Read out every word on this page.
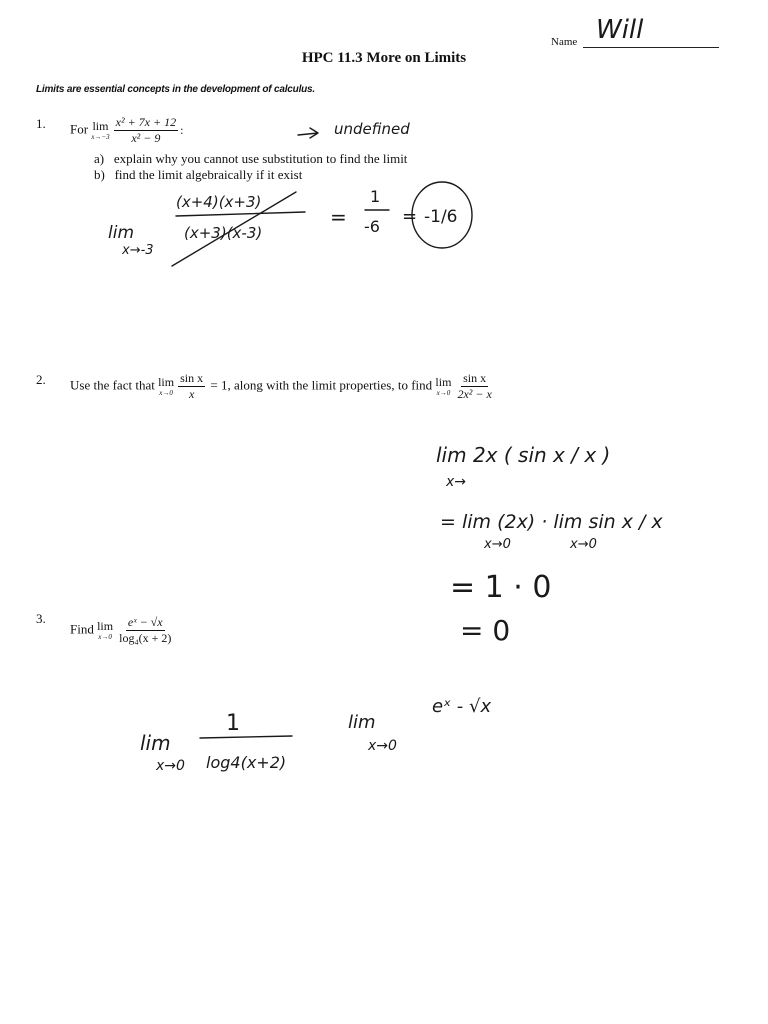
Name
HPC 11.3 More on Limits
Limits are essential concepts in the development of calculus.
1. For lim
$x\to-3 \frac{\text{x² + 7x + 12}}{\text{x² − 9}}$ :
a) explain why you cannot use substitution to find the limit
b) find the limit algebraically if it exist
2. Use the fact that lim
$x\to 0 \frac{\text{sin x}}{x} = 1$, along with the limit properties, to find lim
$x\to 0 \frac{\text{sin x}}{\text{2x² − x}}$
3.
Find lim
$x\to 0 \frac{\text{eˣ − √x}}{\text{log₄(x + 2)}}$
Will
undefined
(x+4)(x+3)
(x+3)(x-3)
lim
x→-3
=
1
-6 = -1/6
lim 2x ( sin x / x )
x→
= lim (2x) · lim sin x / x
x→0	x→0
= 1 · 0
= 0
lim
x→0
1
log4(x+2)
eˣ - √x
lim
x→0
